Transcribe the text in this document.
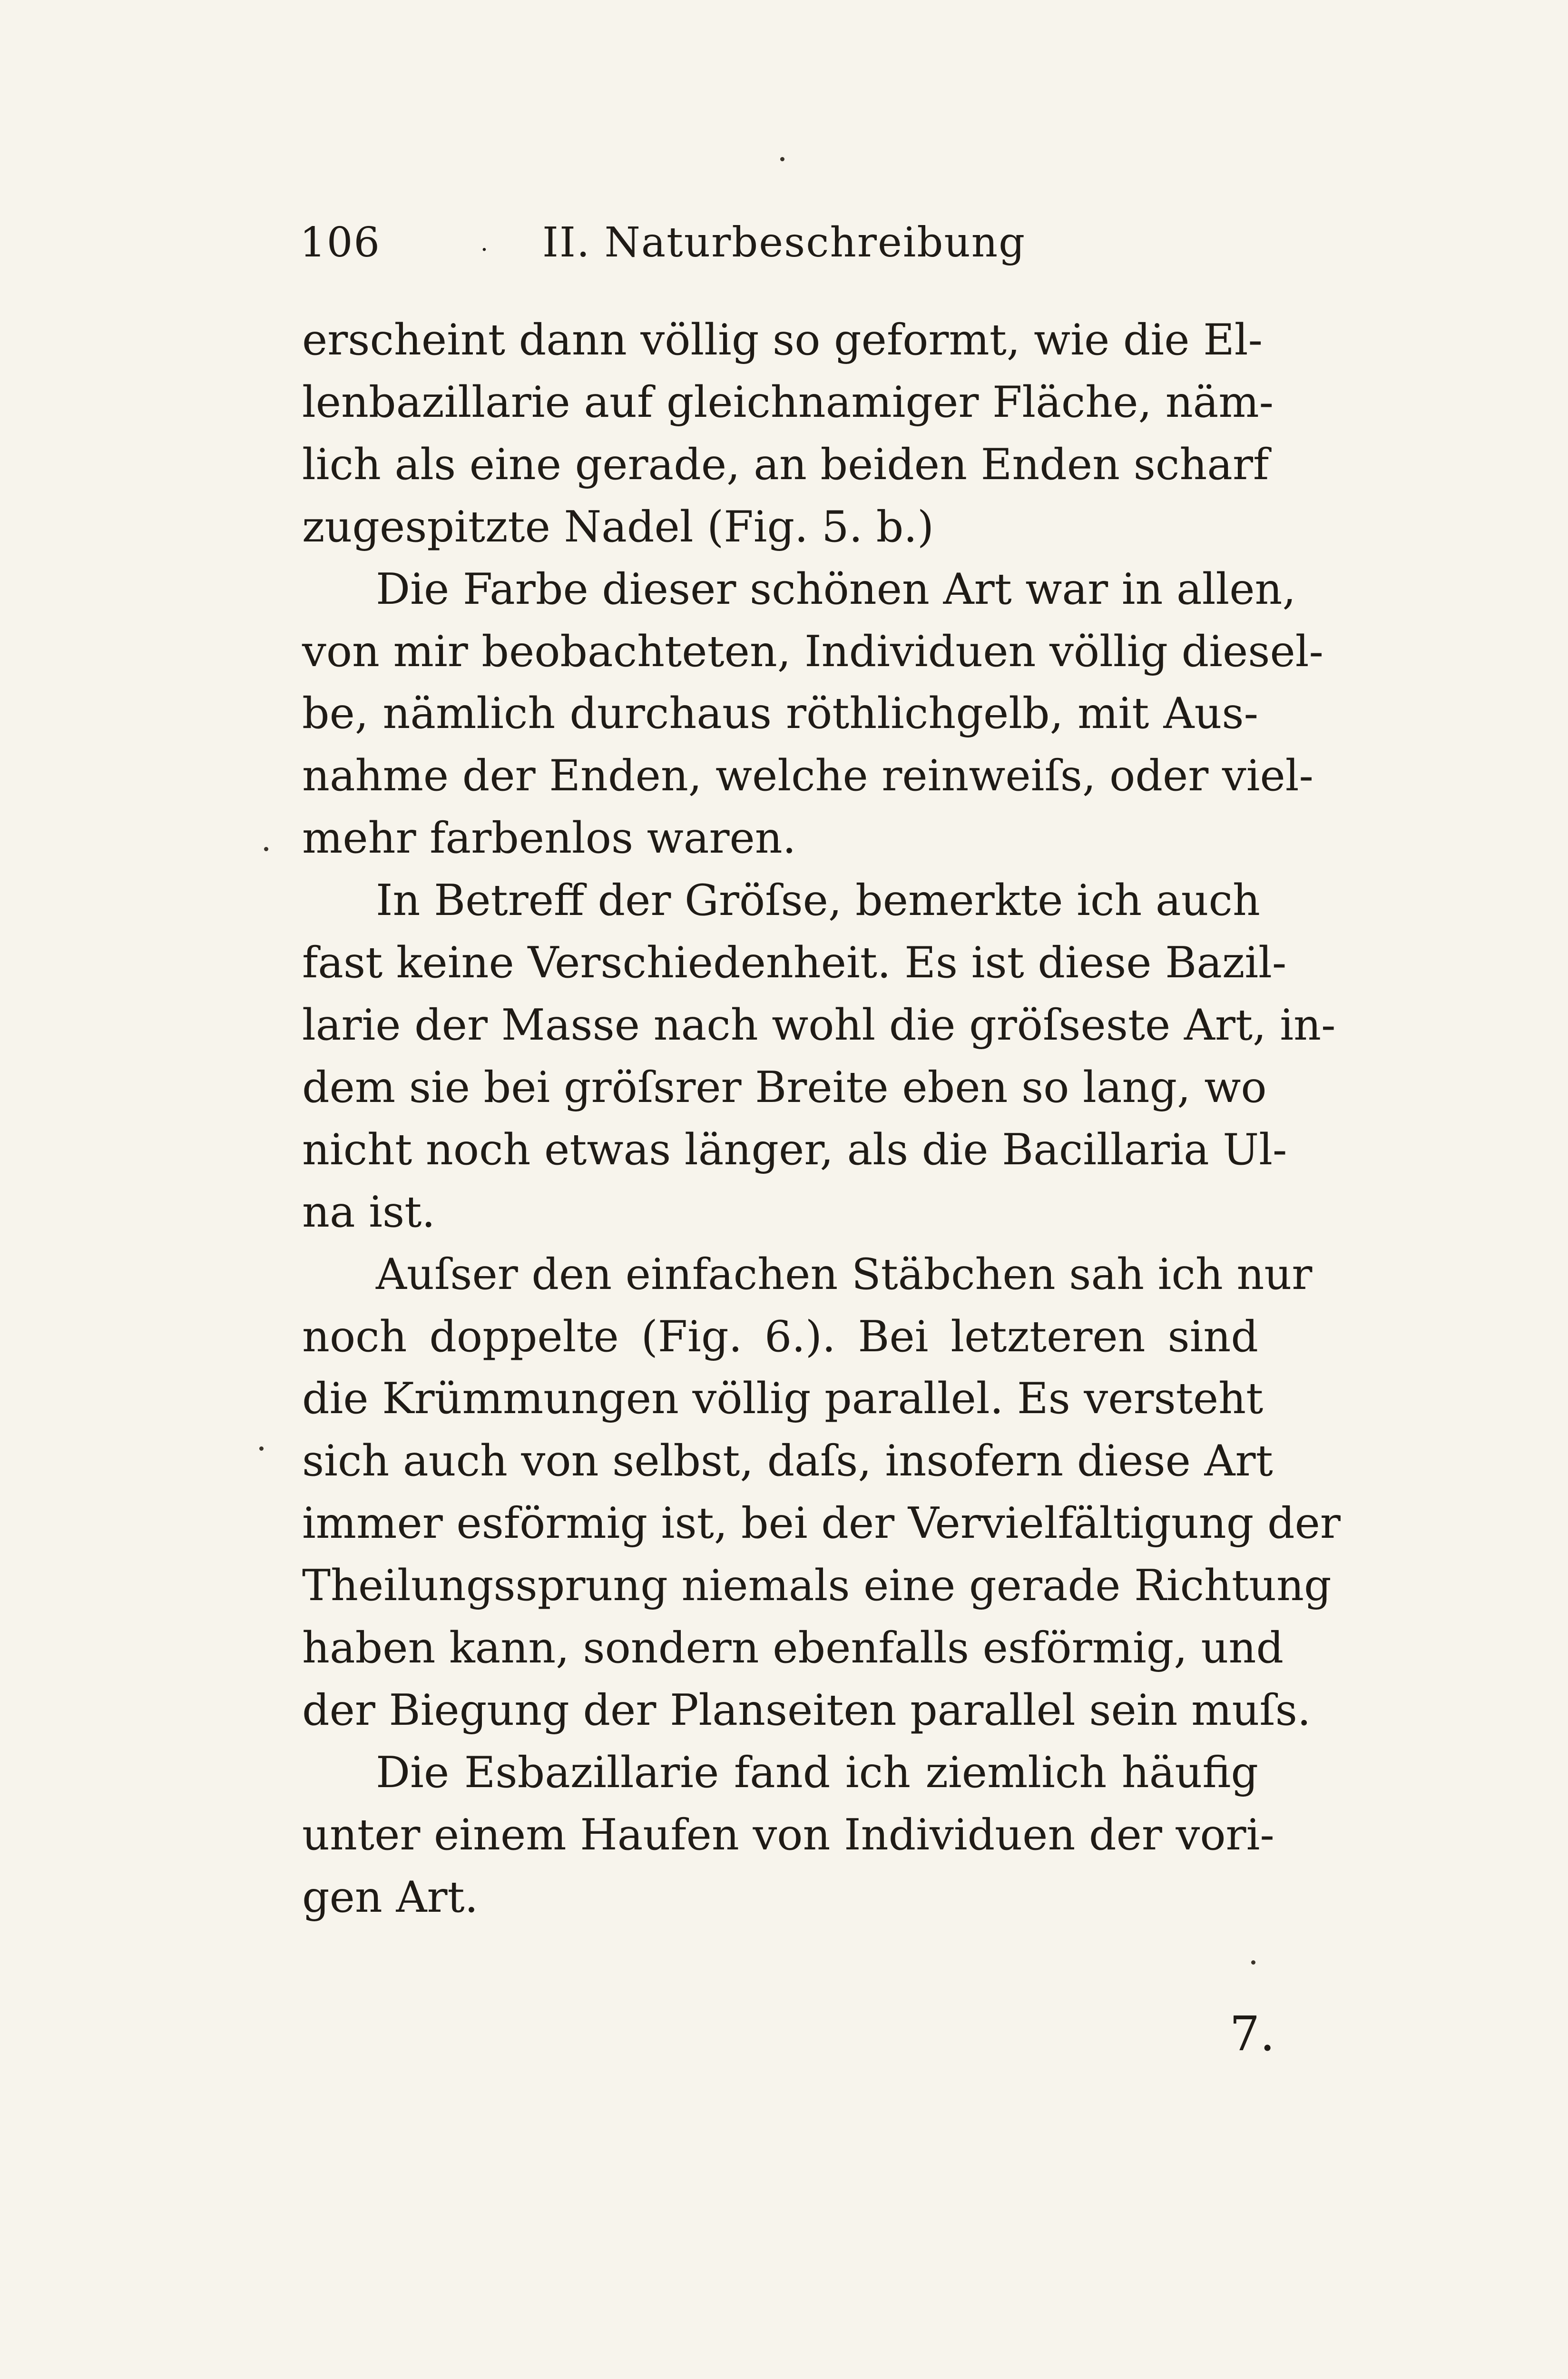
106	. II. Naturbeschreibung
erscheint dann völlig so geformt, wie die El-
lenbazillarie auf gleichnamiger Fläche, näm-
lich als eine gerade, an beiden Enden scharf
zugespitzte Nadel (Fig. 5. b.)
Die Farbe dieser schönen Art war in allen,
von mir beobachteten, Individuen völlig diesel-
be, nämlich durchaus röthlichgelb, mit Aus-
nahme der Enden, welche reinweiſs, oder viel-
mehr farbenlos waren.
In Betreff der Gröſse, bemerkte ich auch
fast keine Verschiedenheit. Es ist diese Bazil-
larie der Masse nach wohl die gröſseste Art, in-
dem sie bei gröſsrer Breite eben so lang, wo
nicht noch etwas länger, als die Bacillaria Ul-
na ist.
Auſser den einfachen Stäbchen sah ich nur
noch doppelte (Fig. 6.). Bei letzteren sind
die Krümmungen völlig parallel. Es versteht
sich auch von selbst, daſs, insofern diese Art
immer esförmig ist, bei der Vervielfältigung der
Theilungssprung niemals eine gerade Richtung
haben kann, sondern ebenfalls esförmig, und
der Biegung der Planseiten parallel sein muſs.
Die Esbazillarie fand ich ziemlich häufig
unter einem Haufen von Individuen der vori-
gen Art.
7.
